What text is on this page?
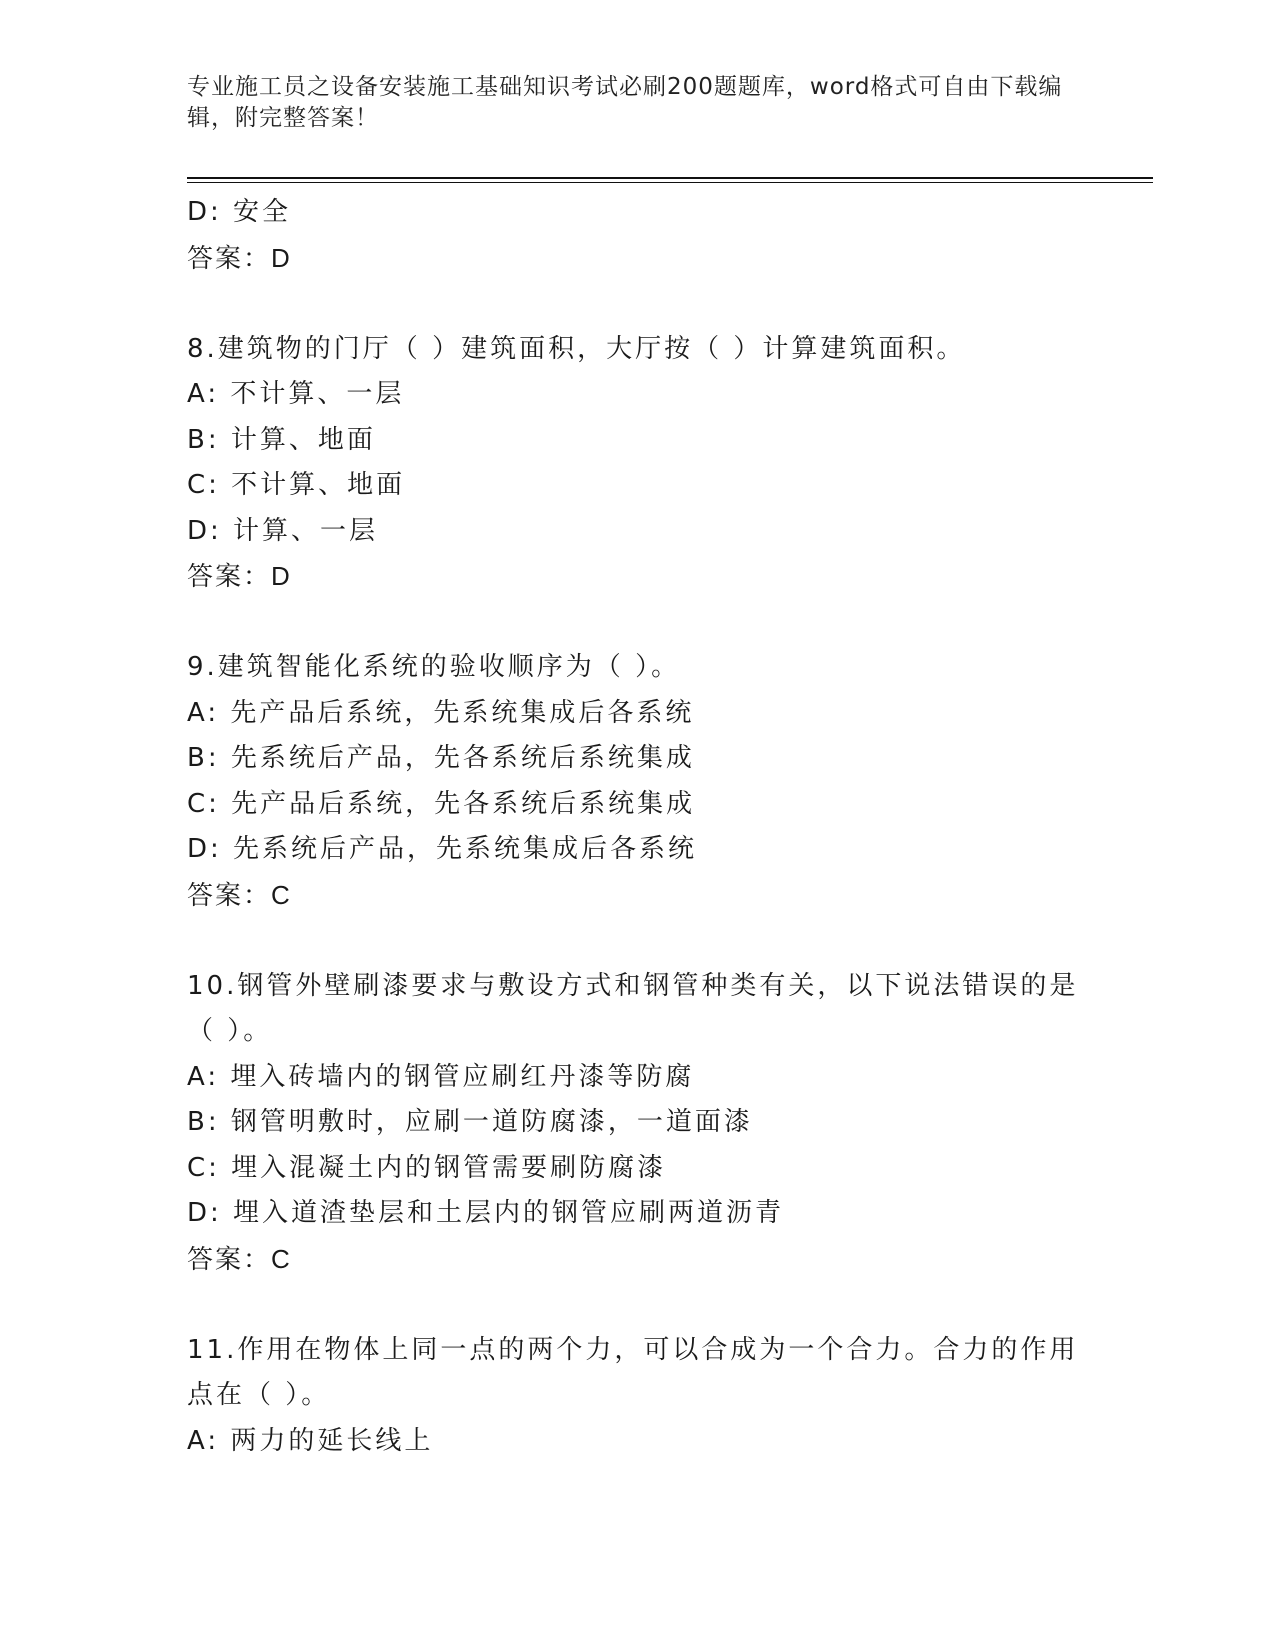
专业施工员之设备安装施工基础知识考试必刷200题题库，word格式可自由下载编辑，附完整答案！
D: 安全
答案：D
8.建筑物的门厅（ ）建筑面积，大厅按（ ）计算建筑面积。
A: 不计算、一层
B: 计算、地面
C: 不计算、地面
D: 计算、一层
答案：D
9.建筑智能化系统的验收顺序为（ ）。
A: 先产品后系统，先系统集成后各系统
B: 先系统后产品，先各系统后系统集成
C: 先产品后系统，先各系统后系统集成
D: 先系统后产品，先系统集成后各系统
答案：C
10.钢管外壁刷漆要求与敷设方式和钢管种类有关，以下说法错误的是（ ）。
A: 埋入砖墙内的钢管应刷红丹漆等防腐
B: 钢管明敷时，应刷一道防腐漆，一道面漆
C: 埋入混凝土内的钢管需要刷防腐漆
D: 埋入道渣垫层和土层内的钢管应刷两道沥青
答案：C
11.作用在物体上同一点的两个力，可以合成为一个合力。合力的作用点在（ ）。
A: 两力的延长线上
